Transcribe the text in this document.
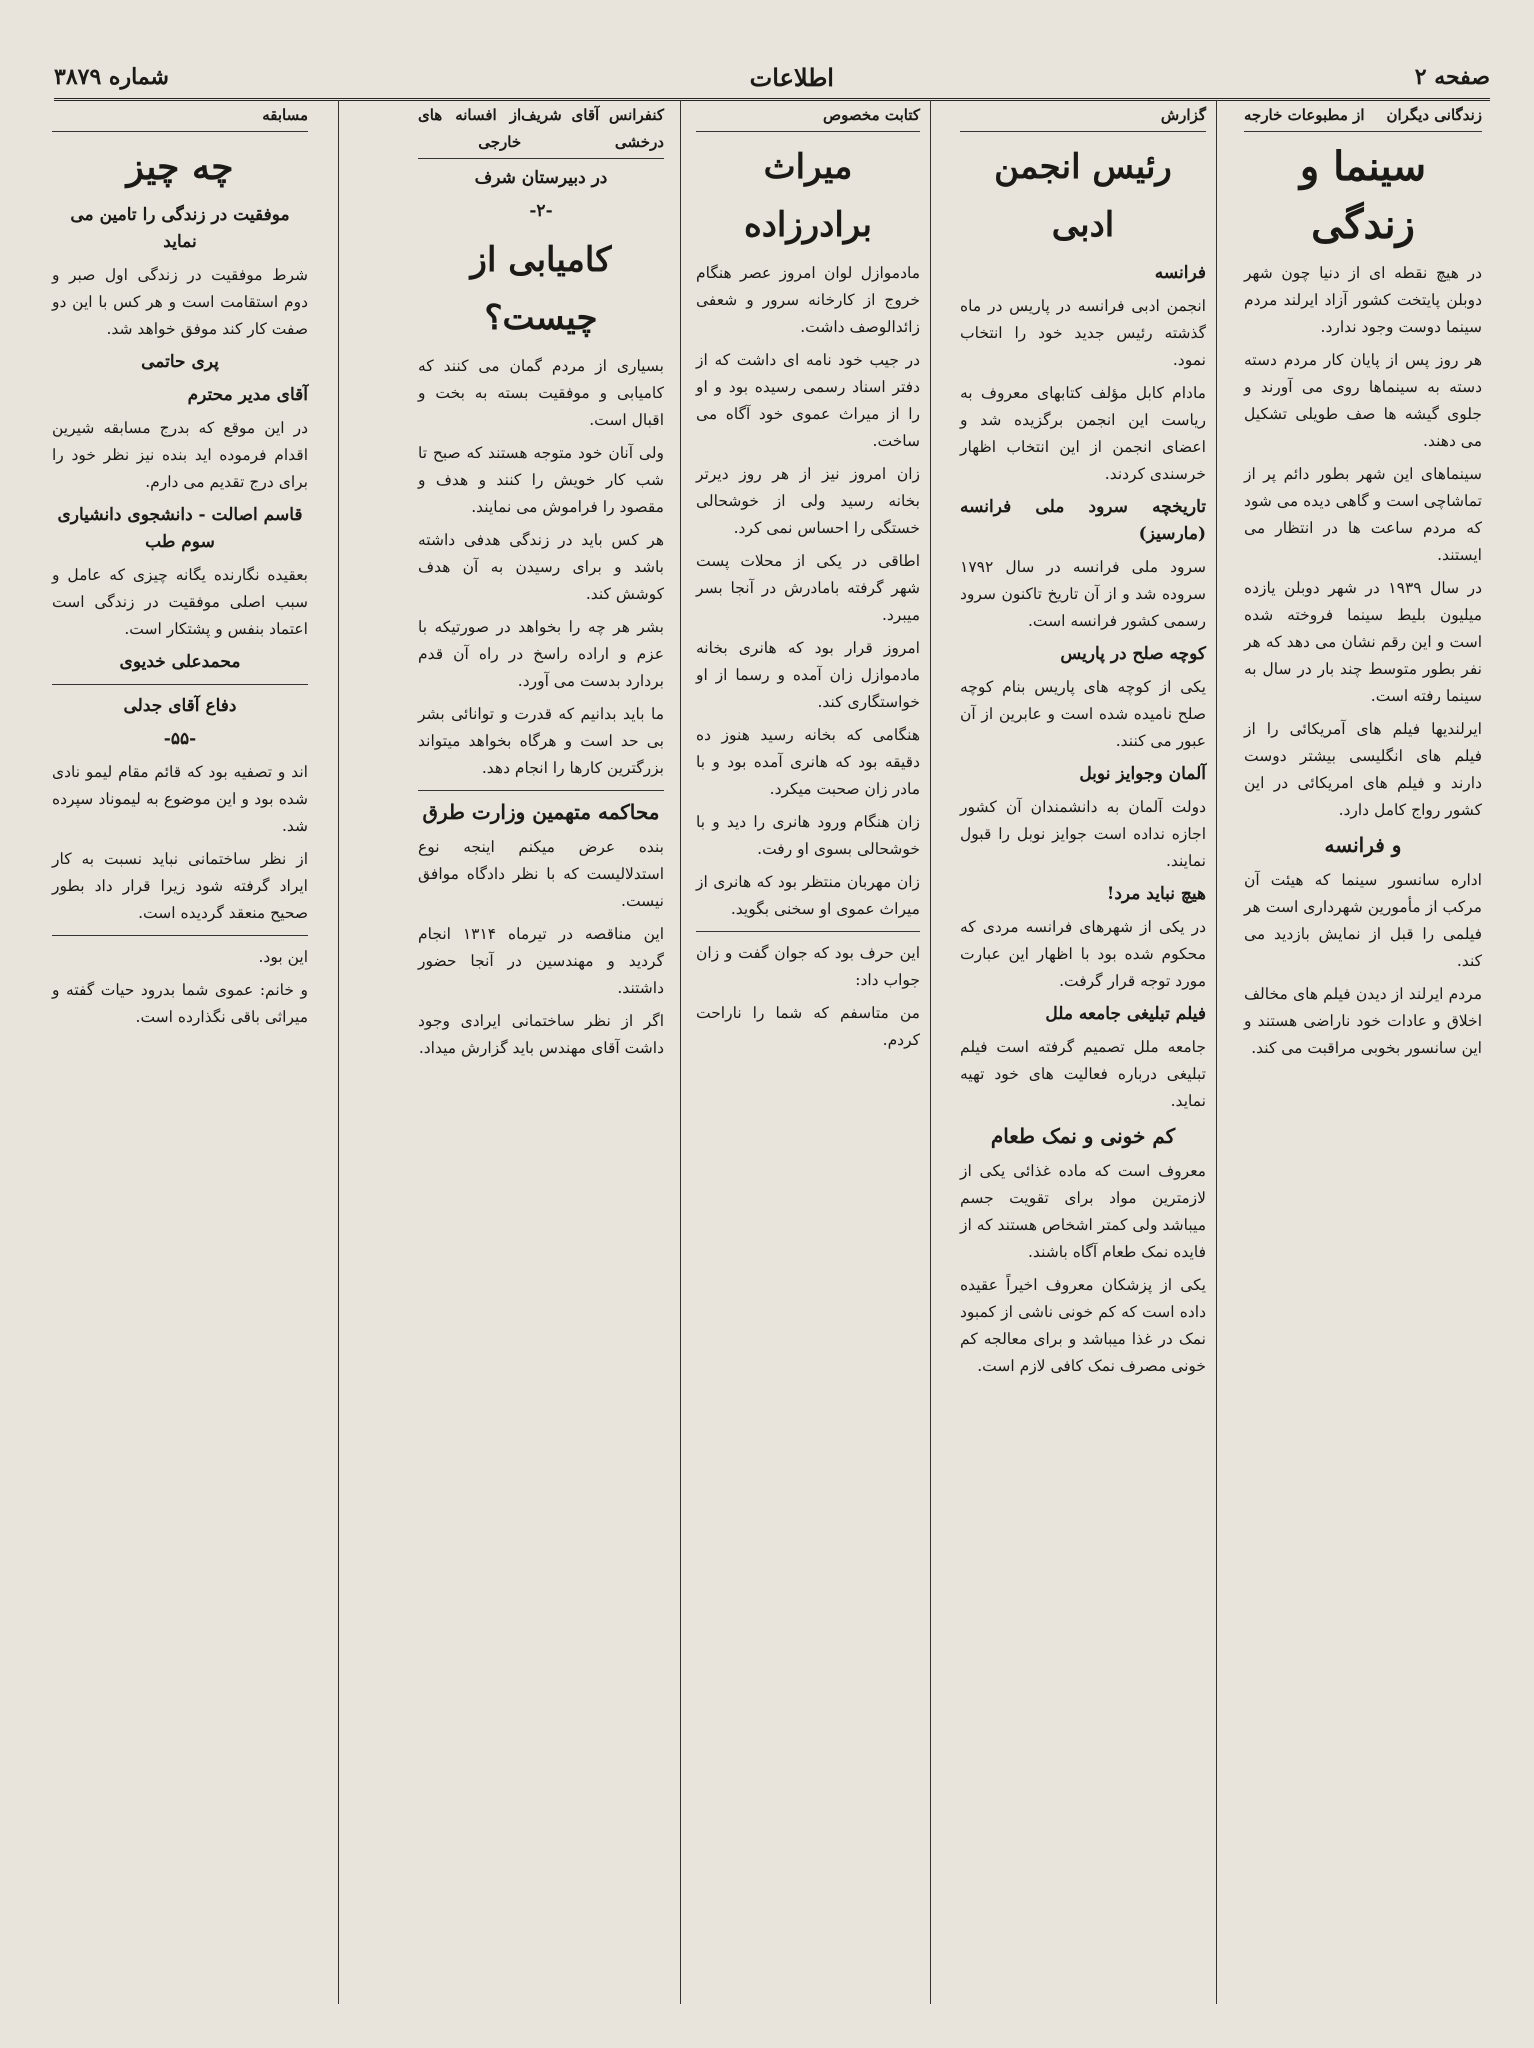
صفحه ۲
اطلاعات
شماره ۳۸۷۹
زندگانی دیگران
از مطبوعات خارجه
سینما و زندگی

در هیچ نقطه ای از دنیا چون شهر دوبلن پایتخت کشور آزاد ایرلند مردم سینما دوست وجود ندارد.

هر روز پس از پایان کار مردم دسته دسته به سینماها روی می آورند و جلوی گیشه ها صف طویلی تشکیل می دهند.

سینماهای این شهر بطور دائم پر از تماشاچی است و گاهی دیده می شود که مردم ساعت ها در انتظار می ایستند.

در سال ۱۹۳۹ در شهر دوبلن یازده میلیون بلیط سینما فروخته شده است و این رقم نشان می دهد که هر نفر بطور متوسط چند بار در سال به سینما رفته است.

ایرلندیها فیلم های آمریکائی را از فیلم های انگلیسی بیشتر دوست دارند و فیلم های امریکائی در این کشور رواج کامل دارد.

و فرانسه

اداره سانسور سینما که هیئت آن مرکب از مأمورین شهرداری است هر فیلمی را قبل از نمایش بازدید می کند.

مردم ایرلند از دیدن فیلم های مخالف اخلاق و عادات خود ناراضی هستند و این سانسور بخوبی مراقبت می کند.

گزارش
رئیس انجمن ادبی
فرانسه

انجمن ادبی فرانسه در پاریس در ماه گذشته رئیس جدید خود را انتخاب نمود.

مادام کابل مؤلف کتابهای معروف به ریاست این انجمن برگزیده شد و اعضای انجمن از این انتخاب اظهار خرسندی کردند.

تاریخچه سرود ملی فرانسه (مارسیز)

سرود ملی فرانسه در سال ۱۷۹۲ سروده شد و از آن تاریخ تاکنون سرود رسمی کشور فرانسه است.

کوچه صلح در پاریس

یکی از کوچه های پاریس بنام کوچه صلح نامیده شده است و عابرین از آن عبور می کنند.

آلمان وجوایز نوبل

دولت آلمان به دانشمندان آن کشور اجازه نداده است جوایز نوبل را قبول نمایند.

هیچ نباید مرد!

در یکی از شهرهای فرانسه مردی که محکوم شده بود با اظهار این عبارت مورد توجه قرار گرفت.

فیلم تبلیغی جامعه ملل

جامعه ملل تصمیم گرفته است فیلم تبلیغی درباره فعالیت های خود تهیه نماید.

کم خونی و نمک طعام

معروف است که ماده غذائی یکی از لازمترین مواد برای تقویت جسم میباشد ولی کمتر اشخاص هستند که از فایده نمک طعام آگاه باشند.

یکی از پزشکان معروف اخیراً عقیده داده است که کم خونی ناشی از کمبود نمک در غذا میباشد و برای معالجه کم خونی مصرف نمک کافی لازم است.

کتابت مخصوص
میراث برادرزاده

مادموازل لوان امروز عصر هنگام خروج از کارخانه سرور و شعفی زائدالوصف داشت.

در جیب خود نامه ای داشت که از دفتر اسناد رسمی رسیده بود و او را از میراث عموی خود آگاه می ساخت.

زان امروز نیز از هر روز دیرتر بخانه رسید ولی از خوشحالی خستگی را احساس نمی کرد.

اطاقی در یکی از محلات پست شهر گرفته بامادرش در آنجا بسر میبرد.

امروز قرار بود که هانری بخانه مادموازل زان آمده و رسما از او خواستگاری کند.

هنگامی که بخانه رسید هنوز ده دقیقه بود که هانری آمده بود و با مادر زان صحبت میکرد.

زان هنگام ورود هانری را دید و با خوشحالی بسوی او رفت.

زان مهربان منتظر بود که هانری از میراث عموی او سخنی بگوید.

این حرف بود که جوان گفت و زان جواب داد:

من متاسفم که شما را ناراحت کردم.

کنفرانس آقای شریف درخشی
از افسانه های خارجی
در دبیرستان شرف
-۲-
کامیابی از چیست؟

بسیاری از مردم گمان می کنند که کامیابی و موفقیت بسته به بخت و اقبال است.

ولی آنان خود متوجه هستند که صبح تا شب کار خویش را کنند و هدف و مقصود را فراموش می نمایند.

هر کس باید در زندگی هدفی داشته باشد و برای رسیدن به آن هدف کوشش کند.

بشر هر چه را بخواهد در صورتیکه با عزم و اراده راسخ در راه آن قدم بردارد بدست می آورد.

ما باید بدانیم که قدرت و توانائی بشر بی حد است و هرگاه بخواهد میتواند بزرگترین کارها را انجام دهد.

محاکمه متهمین وزارت طرق

بنده عرض میکنم اینجه نوع استدلالیست که با نظر دادگاه موافق نیست.

این مناقصه در تیرماه ۱۳۱۴ انجام گردید و مهندسین در آنجا حضور داشتند.

اگر از نظر ساختمانی ایرادی وجود داشت آقای مهندس باید گزارش میداد.

مسابقه
چه چیز
موفقیت در زندگی را تامین می نماید

شرط موفقیت در زندگی اول صبر و دوم استقامت است و هر کس با این دو صفت کار کند موفق خواهد شد.

پری حاتمی
آقای مدیر محترم

در این موقع که بدرج مسابقه شیرین اقدام فرموده اید بنده نیز نظر خود را برای درج تقدیم می دارم.

قاسم اصالت - دانشجوی دانشیاری سوم طب

بعقیده نگارنده یگانه چیزی که عامل و سبب اصلی موفقیت در زندگی است اعتماد بنفس و پشتکار است.

محمدعلی خدیوی
دفاع آقای جدلی
-۵۵-

اند و تصفیه بود که قائم مقام لیمو نادی شده بود و این موضوع به لیموناد سپرده شد.

از نظر ساختمانی نباید نسبت به کار ایراد گرفته شود زیرا قرار داد بطور صحیح منعقد گردیده است.

این بود.

و خانم: عموی شما بدرود حیات گفته و میراثی باقی نگذارده است.
